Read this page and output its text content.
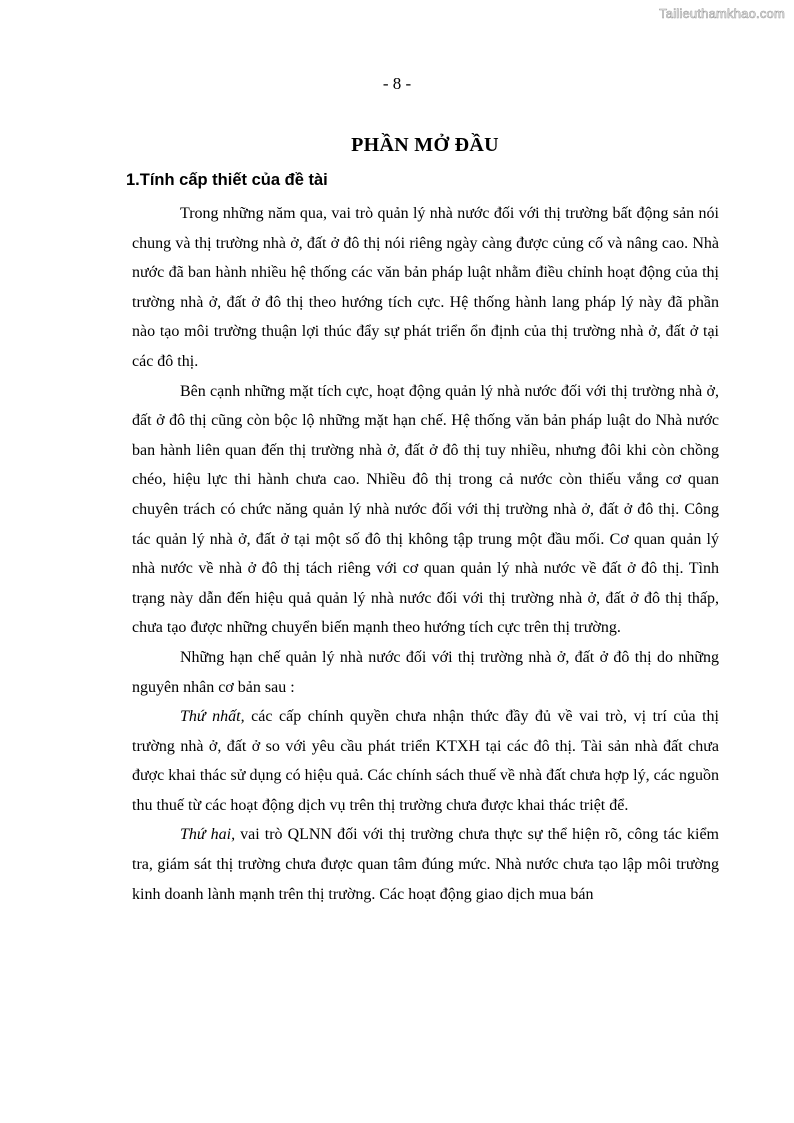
Tailieuthamkhao.com
- 8 -
PHẦN MỞ ĐẦU
1.Tính cấp thiết của đề tài

Trong những năm qua, vai trò quản lý nhà nước đối với thị trường bất động sản nói chung và thị trường nhà ở, đất ở đô thị nói riêng ngày càng được củng cố và nâng cao. Nhà nước đã ban hành nhiều hệ thống các văn bản pháp luật nhằm điều chỉnh hoạt động của thị trường nhà ở, đất ở đô thị theo hướng tích cực. Hệ thống hành lang pháp lý này đã phần nào tạo môi trường thuận lợi thúc đẩy sự phát triển ổn định của thị trường nhà ở, đất ở tại các đô thị.

Bên cạnh những mặt tích cực, hoạt động quản lý nhà nước đối với thị trường nhà ở, đất ở đô thị cũng còn bộc lộ những mặt hạn chế. Hệ thống văn bản pháp luật do Nhà nước ban hành liên quan đến thị trường nhà ở, đất ở đô thị tuy nhiều, nhưng đôi khi còn chồng chéo, hiệu lực thi hành chưa cao. Nhiều đô thị trong cả nước còn thiếu vắng cơ quan chuyên trách có chức năng quản lý nhà nước đối với thị trường nhà ở, đất ở đô thị. Công tác quản lý nhà ở, đất ở tại một số đô thị không tập trung một đầu mối. Cơ quan quản lý nhà nước về nhà ở đô thị tách riêng với cơ quan quản lý nhà nước về đất ở đô thị. Tình trạng này dẫn đến hiệu quả quản lý nhà nước đối với thị trường nhà ở, đất ở đô thị thấp, chưa tạo được những chuyển biến mạnh theo hướng tích cực trên thị trường.

Những hạn chế quản lý nhà nước đối với thị trường nhà ở, đất ở đô thị do những nguyên nhân cơ bản sau :

Thứ nhất, các cấp chính quyền chưa nhận thức đầy đủ về vai trò, vị trí của thị trường nhà ở, đất ở so với yêu cầu phát triển KTXH tại các đô thị. Tài sản nhà đất chưa được khai thác sử dụng có hiệu quả. Các chính sách thuế về nhà đất chưa hợp lý, các nguồn thu thuế từ các hoạt động dịch vụ trên thị trường chưa được khai thác triệt để.

Thứ hai, vai trò QLNN đối với thị trường chưa thực sự thể hiện rõ, công tác kiểm tra, giám sát thị trường chưa được quan tâm đúng mức. Nhà nước chưa tạo lập môi trường kinh doanh lành mạnh trên thị trường. Các hoạt động giao dịch mua bán
